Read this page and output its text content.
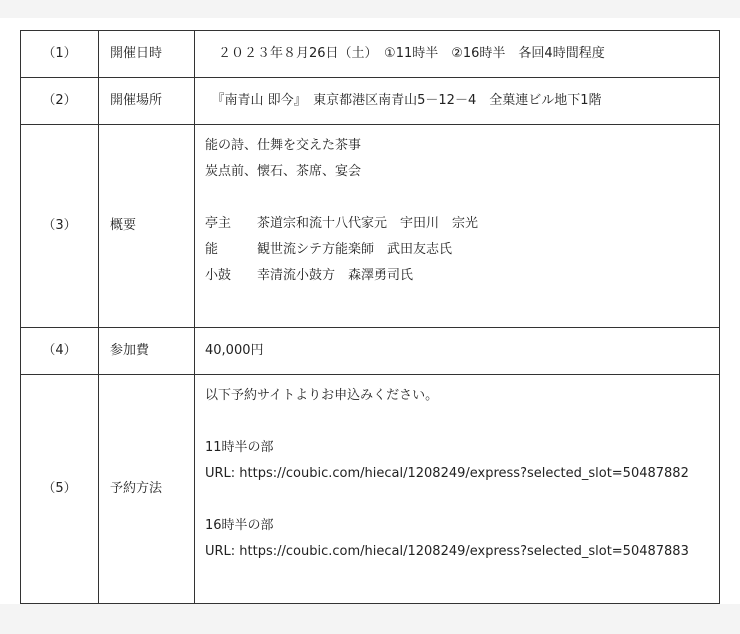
（1）	開催日時	　２０２３年８月26日（土）　①11時半　②16時半　各回4時間程度

（2）	開催場所	　『南青山 即今』　東京都港区南青山5－12－4　全菓連ビル地下1階

（3）	概要	能の詩、仕舞を交えた茶事
炭点前、懐石、茶席、宴会
亭主　　茶道宗和流十八代家元　宇田川　宗光
能　　　観世流シテ方能楽師　武田友志氏
小鼓　　幸清流小鼓方　森澤勇司氏

（4）	参加費	40,000円

（5）	予約方法	以下予約サイトよりお申込みください。
11時半の部
URL: https://coubic.com/hiecal/1208249/express?selected_slot=50487882
16時半の部
URL: https://coubic.com/hiecal/1208249/express?selected_slot=50487883
